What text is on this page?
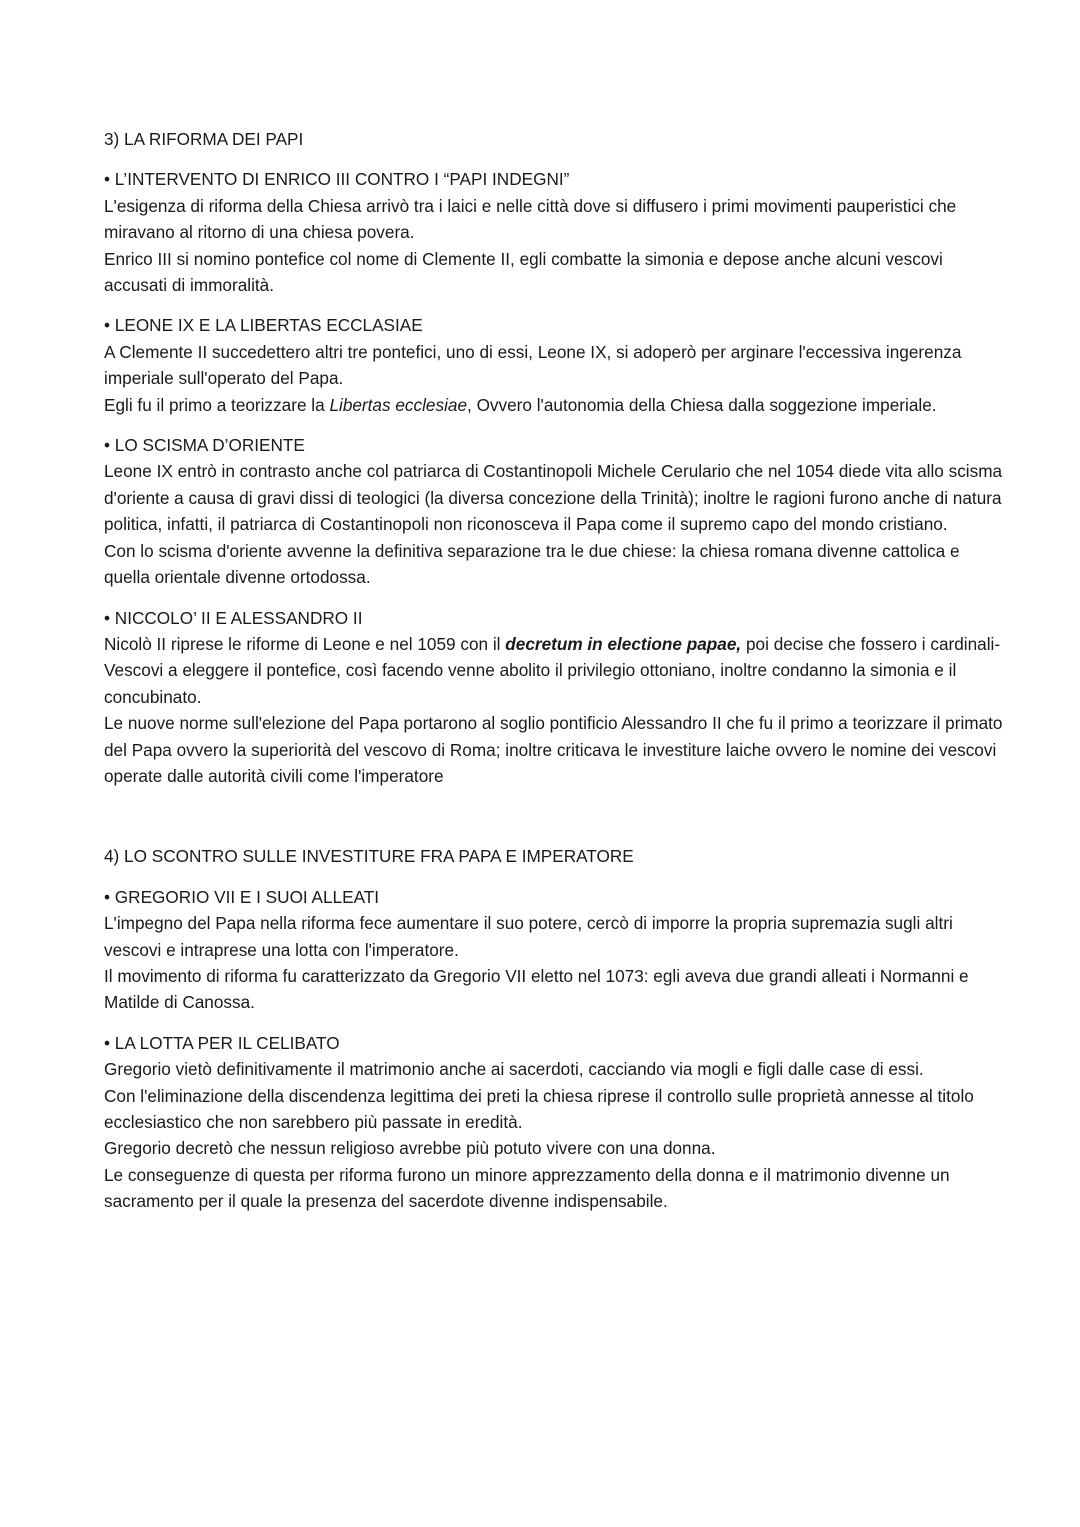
3) LA RIFORMA DEI PAPI

• L’INTERVENTO DI ENRICO III CONTRO I “PAPI INDEGNI”

L'esigenza di riforma della Chiesa arrivò tra i laici e nelle città dove si diffusero i primi movimenti pauperistici che miravano al ritorno di una chiesa povera.

Enrico III si nomino pontefice col nome di Clemente II, egli combatte la simonia e depose anche alcuni vescovi accusati di immoralità.

• LEONE IX E LA LIBERTAS ECCLASIAE

A Clemente II succedettero altri tre pontefici, uno di essi, Leone IX, si adoperò per arginare l'eccessiva ingerenza imperiale sull'operato del Papa.

Egli fu il primo a teorizzare la Libertas ecclesiae, Ovvero l'autonomia della Chiesa dalla soggezione imperiale.

• LO SCISMA D’ORIENTE

Leone IX entrò in contrasto anche col patriarca di Costantinopoli Michele Cerulario che nel 1054 diede vita allo scisma d'oriente a causa di gravi dissi di teologici (la diversa concezione della Trinità); inoltre le ragioni furono anche di natura politica, infatti, il patriarca di Costantinopoli non riconosceva il Papa come il supremo capo del mondo cristiano.

Con lo scisma d'oriente avvenne la definitiva separazione tra le due chiese: la chiesa romana divenne cattolica e quella orientale divenne ortodossa.

• NICCOLO’ II E ALESSANDRO II

Nicolò II riprese le riforme di Leone e nel 1059 con il decretum in electione papae, poi decise che fossero i cardinali-Vescovi a eleggere il pontefice, così facendo venne abolito il privilegio ottoniano, inoltre condanno la simonia e il concubinato.

Le nuove norme sull'elezione del Papa portarono al soglio pontificio Alessandro II che fu il primo a teorizzare il primato del Papa ovvero la superiorità del vescovo di Roma; inoltre criticava le investiture laiche ovvero le nomine dei vescovi operate dalle autorità civili come l'imperatore

4) LO SCONTRO SULLE INVESTITURE FRA PAPA E IMPERATORE

• GREGORIO VII E I SUOI ALLEATI

L'impegno del Papa nella riforma fece aumentare il suo potere, cercò di imporre la propria supremazia sugli altri vescovi e intraprese una lotta con l'imperatore.

Il movimento di riforma fu caratterizzato da Gregorio VII eletto nel 1073: egli aveva due grandi alleati i Normanni e Matilde di Canossa.

• LA LOTTA PER IL CELIBATO

Gregorio vietò definitivamente il matrimonio anche ai sacerdoti, cacciando via mogli e figli dalle case di essi.

Con l'eliminazione della discendenza legittima dei preti la chiesa riprese il controllo sulle proprietà annesse al titolo ecclesiastico che non sarebbero più passate in eredità.

Gregorio decretò che nessun religioso avrebbe più potuto vivere con una donna.

Le conseguenze di questa per riforma furono un minore apprezzamento della donna e il matrimonio divenne un sacramento per il quale la presenza del sacerdote divenne indispensabile.
